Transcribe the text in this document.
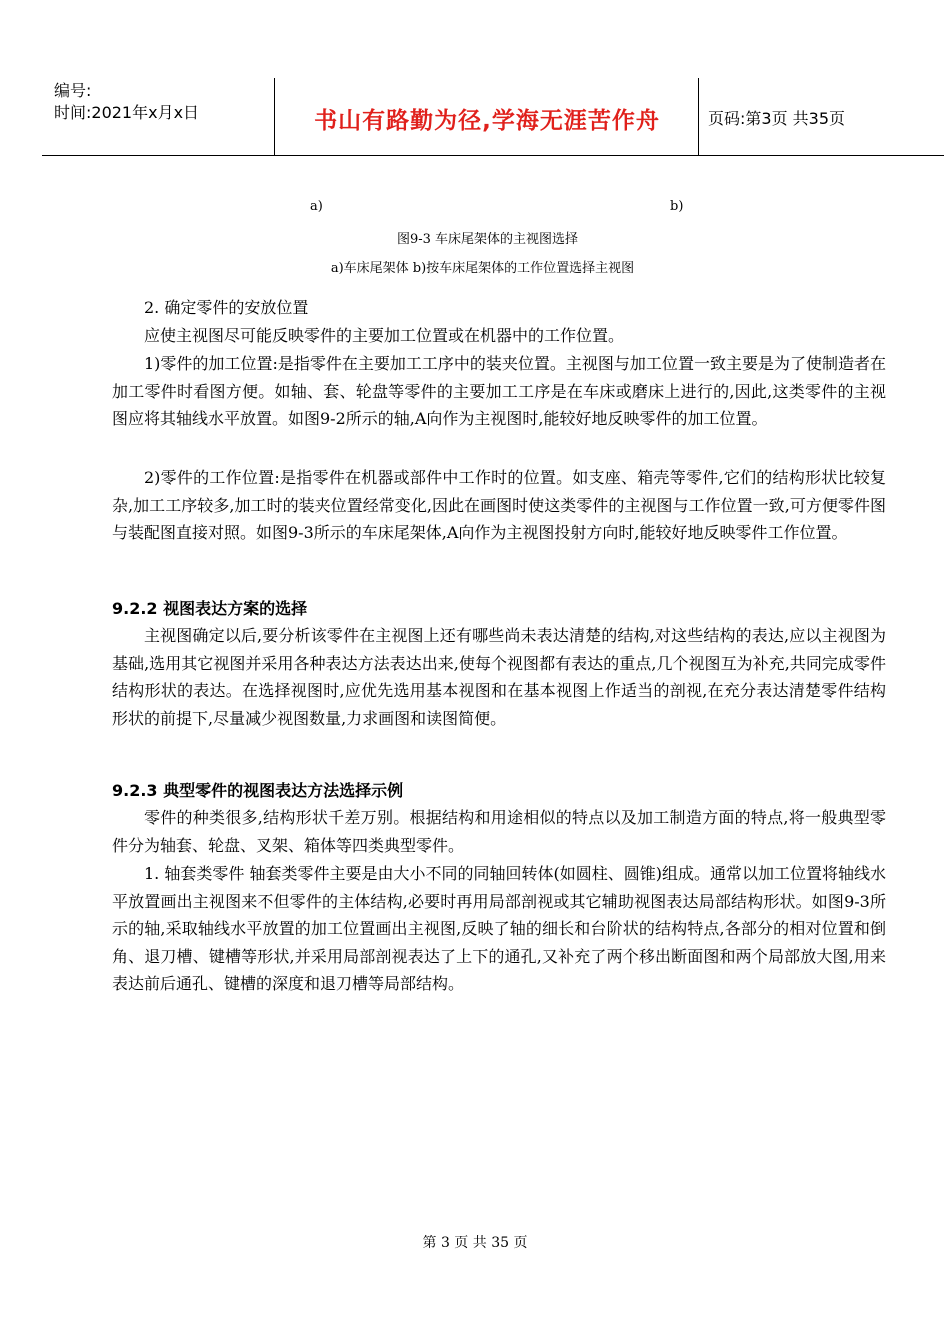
编号:
时间:2021年x月x日	书山有路勤为径,学海无涯苦作舟	页码:第3页 共35页
a)	b)
图9-3 车床尾架体的主视图选择
a)车床尾架体 b)按车床尾架体的工作位置选择主视图
2. 确定零件的安放位置
应使主视图尽可能反映零件的主要加工位置或在机器中的工作位置。
1)零件的加工位置:是指零件在主要加工工序中的装夹位置。主视图与加工位置一致主要是为了使制造者在加工零件时看图方便。如轴、套、轮盘等零件的主要加工工序是在车床或磨床上进行的,因此,这类零件的主视图应将其轴线水平放置。如图9-2所示的轴,A向作为主视图时,能较好地反映零件的加工位置。
2)零件的工作位置:是指零件在机器或部件中工作时的位置。如支座、箱壳等零件,它们的结构形状比较复杂,加工工序较多,加工时的装夹位置经常变化,因此在画图时使这类零件的主视图与工作位置一致,可方便零件图与装配图直接对照。如图9-3所示的车床尾架体,A向作为主视图投射方向时,能较好地反映零件工作位置。
9.2.2 视图表达方案的选择
主视图确定以后,要分析该零件在主视图上还有哪些尚未表达清楚的结构,对这些结构的表达,应以主视图为基础,选用其它视图并采用各种表达方法表达出来,使每个视图都有表达的重点,几个视图互为补充,共同完成零件结构形状的表达。在选择视图时,应优先选用基本视图和在基本视图上作适当的剖视,在充分表达清楚零件结构形状的前提下,尽量减少视图数量,力求画图和读图简便。
9.2.3 典型零件的视图表达方法选择示例
零件的种类很多,结构形状千差万别。根据结构和用途相似的特点以及加工制造方面的特点,将一般典型零件分为轴套、轮盘、叉架、箱体等四类典型零件。
1. 轴套类零件 轴套类零件主要是由大小不同的同轴回转体(如圆柱、圆锥)组成。通常以加工位置将轴线水平放置画出主视图来不但零件的主体结构,必要时再用局部剖视或其它辅助视图表达局部结构形状。如图9-3所示的轴,采取轴线水平放置的加工位置画出主视图,反映了轴的细长和台阶状的结构特点,各部分的相对位置和倒角、退刀槽、键槽等形状,并采用局部剖视表达了上下的通孔,又补充了两个移出断面图和两个局部放大图,用来表达前后通孔、键槽的深度和退刀槽等局部结构。
第 3 页 共 35 页
